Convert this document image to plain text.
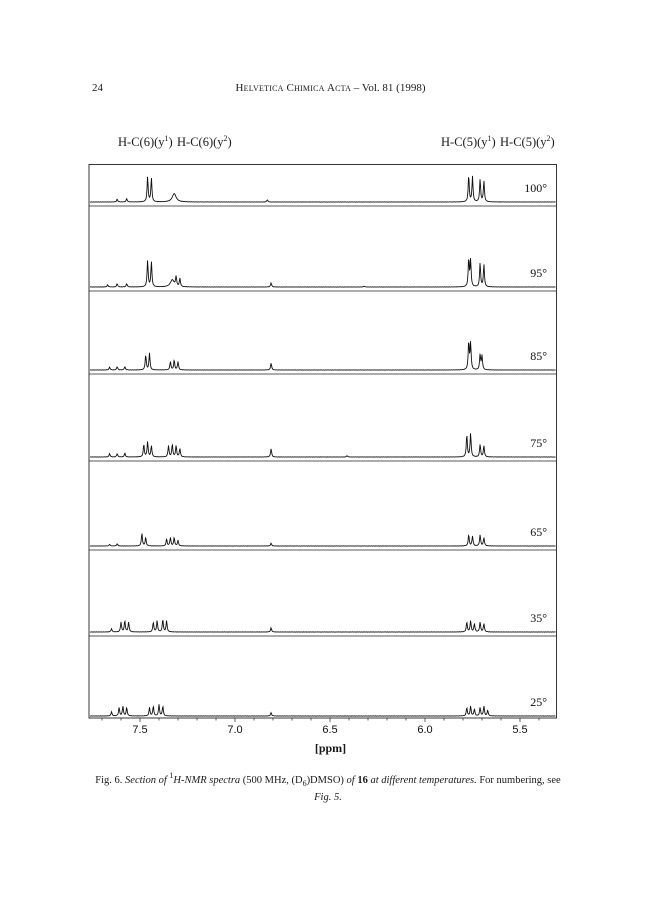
24	Helvetica Chimica Acta – Vol. 81 (1998)
$H-C(6)(y^1)$ $H-C(6)(y^2)$	$H-C(5)(y^1)$ $H-C(5)(y^2)$
100°
95°
85°
75°
65°
35°
25°
7.5	7.0	6.5	6.0	5.5
[ppm]
Fig. 6. Section of $^1$H-NMR spectra (500 MHz, $(D_6)DMSO$) of 16 at different temperatures. For numbering, see Fig. 5.
